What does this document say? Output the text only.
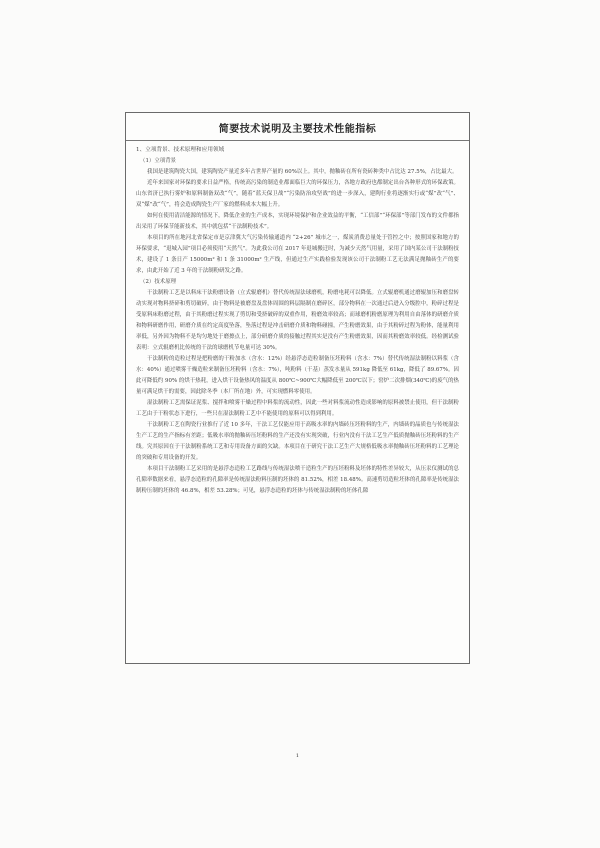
简要技术说明及主要技术性能指标

1、立项背景、技术原理和应用领域

（1）立项背景

我国是建筑陶瓷大国，建筑陶瓷产量近多年占世界产量的 60%以上。其中，抛釉砖在所有瓷砖种类中占比达 27.5%，占比最大。

近年来国家对环保的要求日益严格，传统高污染的制造业都面临巨大的环保压力，各地方政府也都制定出台各种形式的环保政策。山东省济已执行雾炉和原料制备双改“气”，随着“蓝天保卫战”“污染防治攻坚战”的进一步深入，建陶行业将逐渐实行或“煤”改“气”、双“煤”改“气”，将会造成陶瓷生产厂家的燃料成本大幅上升。

如何在使用清洁能源的情况下，降低企业的生产成本，实现环境保护和企业效益的平衡，“工信部”“环保部”等部门发布的文件都指出采用了环保节能新技术，其中就包括“干法制粉技术”。

本项目的所在地河北省保定市是京津冀大气污染传输通道内 “2+26” 城市之一，煤炭消费总量处于管控之中；按照国家和地方的环保要求，“退城入园”项目必须使用“天然气”。为此我公司在 2017 年退城搬迁时，为减少天然气用量，采用了国内某公司干法制粉技术，建设了 1 条日产 15000m² 和 1 条 31000m² 生产线，但通过生产实践检验发现该公司干法制粉工艺无法满足抛釉砖生产的要求，由此开始了近 3 年的干法制粉研发之路。

（2）技术原理

干法制粉工艺是以料床干法粉磨设备（立式辊磨机）替代传统湿法球磨机，粉磨电耗可以降低。立式辊磨机通过磨辊加压和磨盘转动实现对物料挤碎和剪切破碎，由于物料是被磨盘及盘体周围的料层隔制在磨碎区，部分物料在一次通过后进入分级腔中，粉碎过程是受原料床粉磨过程，由于其粉磨过程实现了剪切和受挤破碎的双重作用，粉磨效率较高；而球磨机粉磨原理为利用自由落体的研磨介质和物料研磨作用，研磨介质在约定高度坠落，坠落过程是冲击研磨介质和物料碰撞，产生粉磨效果，由于其粉碎过程为粉体，能量利用率低，另外因为物料不是均匀地处于磨擦点上，部分研磨介质的接触过程其实是没有产生粉磨效果，因而其粉磨效率较低。经检测试验表明：立式辊磨机比传统的干法的球磨机节电量可达 30%。

干法制粉的造粒过程是把粉磨的干粉加水（含水：12%）经悬浮态造粒制备压坯粉料（含水：7%）替代传统湿法制粉以料浆（含水：40%）通过喷雾干燥造粒来制备压坯粉料（含水：7%），吨粉料（干基）蒸发水量从 591kg 降低至 61kg，降低了 89.67%。因此可降低约 90% 的烘干热耗，进入烘干设备热风的温度从 800℃~900℃大幅降低至 200℃以下；窑炉二次排烟(340℃)的废气的热量可满足烘干的需要，因此除冬季（本厂所在地）外，可实现燃料零使用。

湿法制粉工艺需保证泥浆、搅拌和喷雾干燥过程中料浆的流动性，因此一些对料浆流动性造成影响的原料被禁止使用，但干法制粉工艺由于干粉状态下进行，一些只在湿法制粉工艺中不能使用的原料可以得到利用。

干法制粉工艺在陶瓷行业推行了近 10 多年，干法工艺仅能应用于高吸水率的内墙砖压坯粉料的生产，内墙砖的晶质也与传统湿法生产工艺的生产指标有差距；低吸水率的抛釉砖压坯粉料的生产还没有实现突破，行业内没有干法工艺生产低质抛釉砖压坯粉料的生产线。究其原因在于干法制粉系统工艺和专用设备方面的欠缺。本项目在于研究干法工艺生产大规格低吸水率抛釉砖压坯粉料的工艺理论的突破和专用设备的开发。

本项目干法制粉工艺采用的是悬浮态造粒工艺路线与传统湿法喷干造粒生产的压坯粉料及坯体的特性差异较大，从压汞仪测试的总孔隙率数据来看，悬浮态造粒的孔隙率是传统湿法粉料压制的坯体的 81.52%，相差 18.48%。高速剪切造粒坯体的孔隙率是传统湿法制粉压制的坯体的 46.8%，相差 53.28%；可见，悬浮态造粒的坯体与传统湿法制粉的坯体孔隙

1
